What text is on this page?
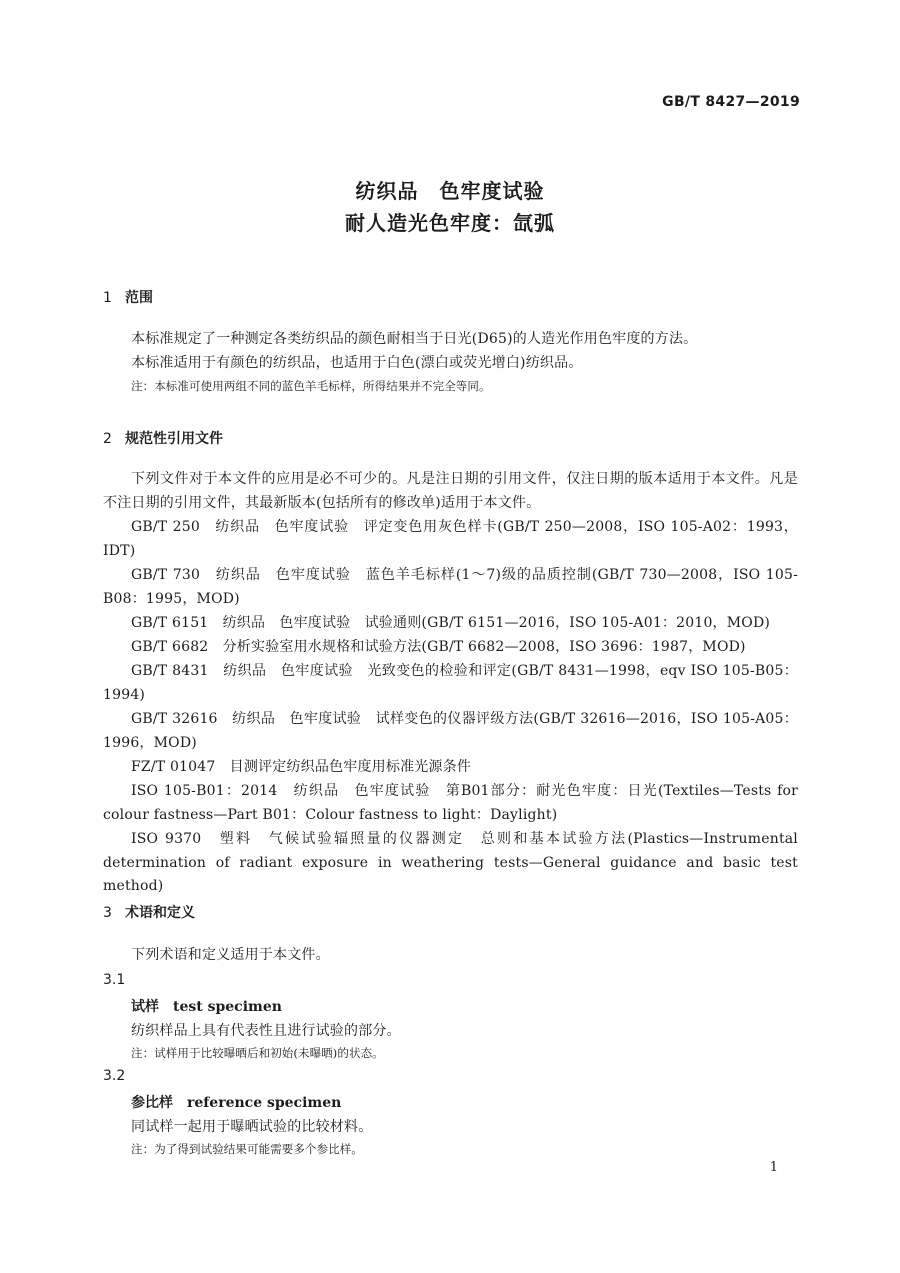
GB/T 8427—2019
纺织品　色牢度试验
耐人造光色牢度：氙弧
1 范围
本标准规定了一种测定各类纺织品的颜色耐相当于日光(D65)的人造光作用色牢度的方法。
本标准适用于有颜色的纺织品，也适用于白色(漂白或荧光增白)纺织品。
注：本标准可使用两组不同的蓝色羊毛标样，所得结果并不完全等同。
2 规范性引用文件
下列文件对于本文件的应用是必不可少的。凡是注日期的引用文件，仅注日期的版本适用于本文件。凡是不注日期的引用文件，其最新版本(包括所有的修改单)适用于本文件。
GB/T 250　纺织品　色牢度试验　评定变色用灰色样卡(GB/T 250—2008，ISO 105-A02：1993，IDT)
GB/T 730　纺织品　色牢度试验　蓝色羊毛标样(1～7)级的品质控制(GB/T 730—2008，ISO 105-B08：1995，MOD)
GB/T 6151　纺织品　色牢度试验　试验通则(GB/T 6151—2016，ISO 105-A01：2010，MOD)
GB/T 6682　分析实验室用水规格和试验方法(GB/T 6682—2008，ISO 3696：1987，MOD)
GB/T 8431　纺织品　色牢度试验　光致变色的检验和评定(GB/T 8431—1998，eqv ISO 105-B05：1994)
GB/T 32616　纺织品　色牢度试验　试样变色的仪器评级方法(GB/T 32616—2016，ISO 105-A05：1996，MOD)
FZ/T 01047　目测评定纺织品色牢度用标准光源条件
ISO 105-B01：2014　纺织品　色牢度试验　第B01部分：耐光色牢度：日光(Textiles—Tests for colour fastness—Part B01：Colour fastness to light：Daylight)
ISO 9370　塑料　气候试验辐照量的仪器测定　总则和基本试验方法(Plastics—Instrumental determination of radiant exposure in weathering tests—General guidance and basic test method)
3 术语和定义
下列术语和定义适用于本文件。
3.1
试样 test specimen
纺织样品上具有代表性且进行试验的部分。
注：试样用于比较曝晒后和初始(未曝晒)的状态。
3.2
参比样 reference specimen
同试样一起用于曝晒试验的比较材料。
注：为了得到试验结果可能需要多个参比样。
1
